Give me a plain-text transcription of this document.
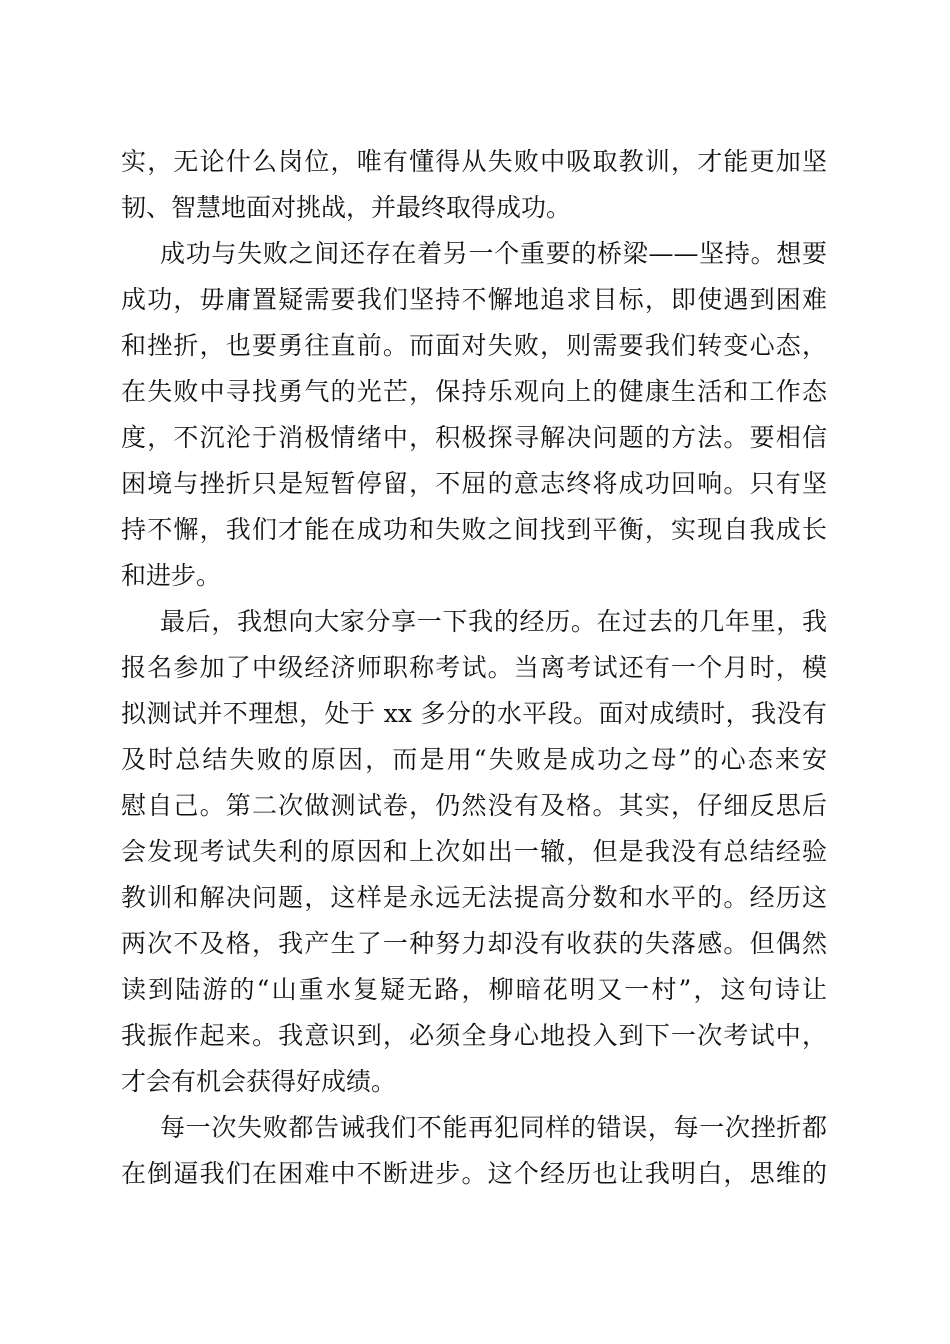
实，无论什么岗位，唯有懂得从失败中吸取教训，才能更加坚
韧、智慧地面对挑战，并最终取得成功。
成功与失败之间还存在着另一个重要的桥梁——坚持。想要
成功，毋庸置疑需要我们坚持不懈地追求目标，即使遇到困难
和挫折，也要勇往直前。而面对失败，则需要我们转变心态，
在失败中寻找勇气的光芒，保持乐观向上的健康生活和工作态
度，不沉沦于消极情绪中，积极探寻解决问题的方法。要相信
困境与挫折只是短暂停留，不屈的意志终将成功回响。只有坚
持不懈，我们才能在成功和失败之间找到平衡，实现自我成长
和进步。
最后，我想向大家分享一下我的经历。在过去的几年里，我
报名参加了中级经济师职称考试。当离考试还有一个月时，模
拟测试并不理想，处于 xx 多分的水平段。面对成绩时，我没有
及时总结失败的原因，而是用“失败是成功之母”的心态来安
慰自己。第二次做测试卷，仍然没有及格。其实，仔细反思后
会发现考试失利的原因和上次如出一辙，但是我没有总结经验
教训和解决问题，这样是永远无法提高分数和水平的。经历这
两次不及格，我产生了一种努力却没有收获的失落感。但偶然
读到陆游的“山重水复疑无路，柳暗花明又一村”，这句诗让
我振作起来。我意识到，必须全身心地投入到下一次考试中，
才会有机会获得好成绩。
每一次失败都告诫我们不能再犯同样的错误，每一次挫折都
在倒逼我们在困难中不断进步。这个经历也让我明白，思维的
